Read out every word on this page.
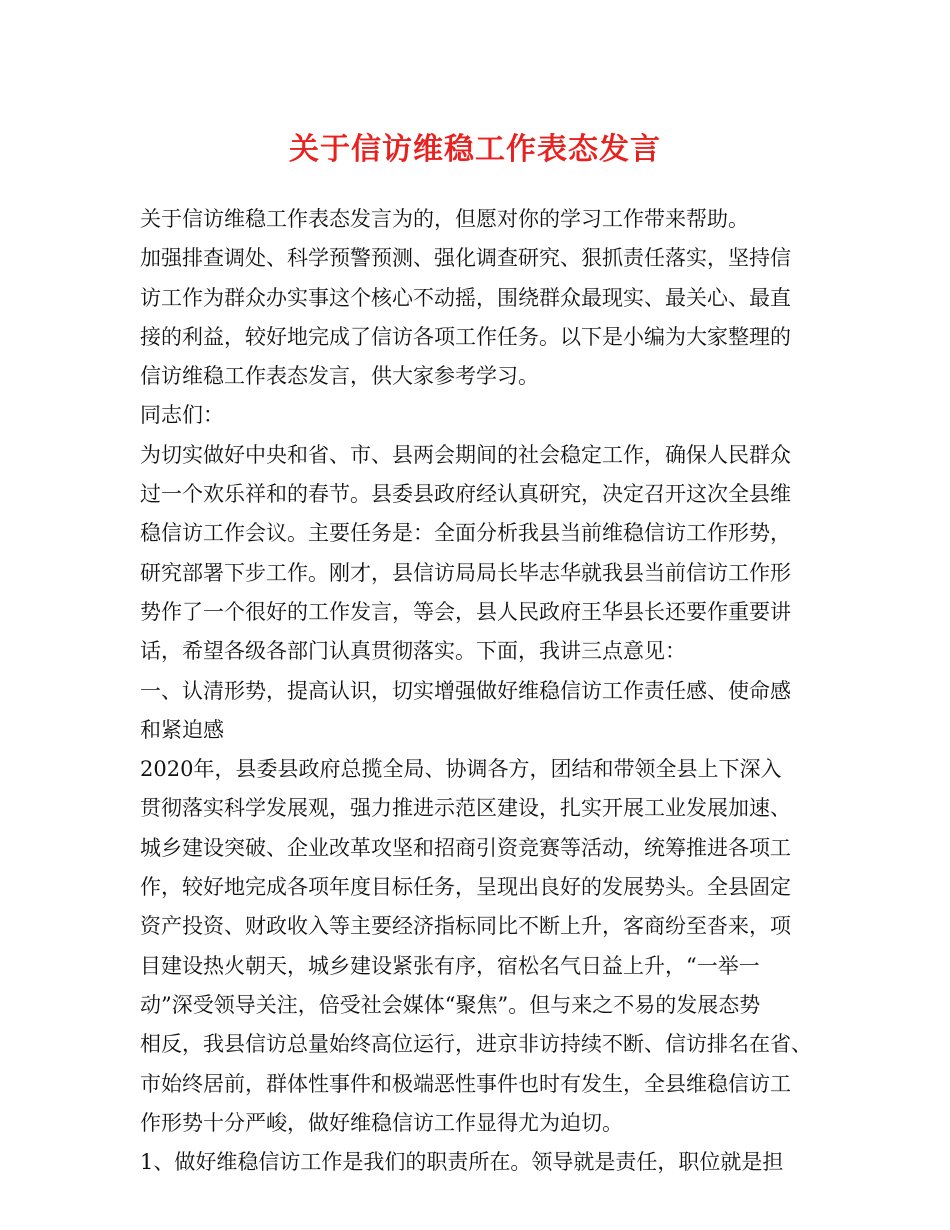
关于信访维稳工作表态发言
关于信访维稳工作表态发言为的，但愿对你的学习工作带来帮助。
加强排查调处、科学预警预测、强化调查研究、狠抓责任落实，坚持信
访工作为群众办实事这个核心不动摇，围绕群众最现实、最关心、最直
接的利益，较好地完成了信访各项工作任务。以下是小编为大家整理的
信访维稳工作表态发言，供大家参考学习。
同志们：
为切实做好中央和省、市、县两会期间的社会稳定工作，确保人民群众
过一个欢乐祥和的春节。县委县政府经认真研究，决定召开这次全县维
稳信访工作会议。主要任务是：全面分析我县当前维稳信访工作形势，
研究部署下步工作。刚才，县信访局局长毕志华就我县当前信访工作形
势作了一个很好的工作发言，等会，县人民政府王华县长还要作重要讲
话，希望各级各部门认真贯彻落实。下面，我讲三点意见：
一、认清形势，提高认识，切实增强做好维稳信访工作责任感、使命感
和紧迫感
2020年，县委县政府总揽全局、协调各方，团结和带领全县上下深入
贯彻落实科学发展观，强力推进示范区建设，扎实开展工业发展加速、
城乡建设突破、企业改革攻坚和招商引资竞赛等活动，统筹推进各项工
作，较好地完成各项年度目标任务，呈现出良好的发展势头。全县固定
资产投资、财政收入等主要经济指标同比不断上升，客商纷至沓来，项
目建设热火朝天，城乡建设紧张有序，宿松名气日益上升，“一举一
动”深受领导关注，倍受社会媒体“聚焦”。但与来之不易的发展态势
相反，我县信访总量始终高位运行，进京非访持续不断、信访排名在省、
市始终居前，群体性事件和极端恶性事件也时有发生，全县维稳信访工
作形势十分严峻，做好维稳信访工作显得尤为迫切。
1、做好维稳信访工作是我们的职责所在。领导就是责任，职位就是担
